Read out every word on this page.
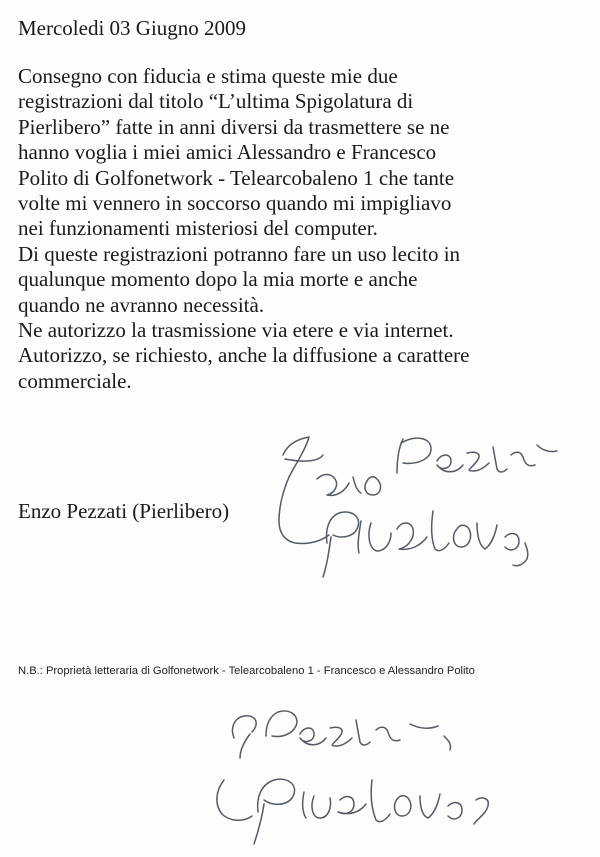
Mercoledi 03 Giugno 2009
Consegno con fiducia e stima queste mie due
registrazioni dal titolo “L’ultima Spigolatura di
Pierlibero” fatte in anni diversi da trasmettere se ne
hanno voglia i miei amici Alessandro e Francesco
Polito di Golfonetwork - Telearcobaleno 1 che tante
volte mi vennero in soccorso quando mi impigliavo
nei funzionamenti misteriosi del computer.
Di queste registrazioni potranno fare un uso lecito in
qualunque momento dopo la mia morte e anche
quando ne avranno necessità.
Ne autorizzo la trasmissione via etere e via internet.
Autorizzo, se richiesto, anche la diffusione a carattere
commerciale.
Enzo Pezzati (Pierlibero)
N.B.: Proprietà letteraria di Golfonetwork - Telearcobaleno 1 - Francesco e Alessandro Polito
